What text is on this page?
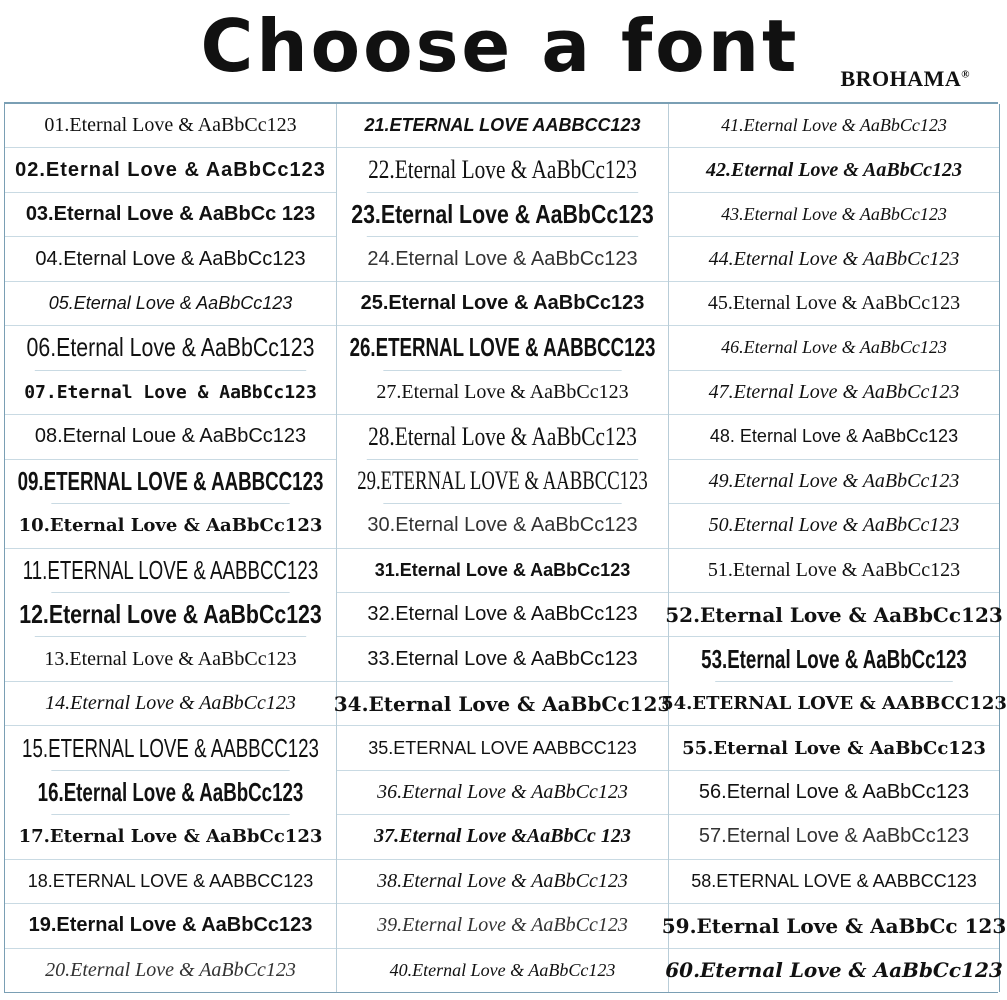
Choose a font	BROHAMA®
01.Eternal Love & AaBbCc123
02.Eternal Love & AaBbCc123
03.Eternal Love & AaBbCc 123
04.Eternal Love & AaBbCc123
05.Eternal Love & AaBbCc123
06.Eternal Love & AaBbCc123
07.Eternal Love & AaBbCc123
08.Eternal Loue & AaBbCc123
09.ETERNAL LOVE & AABBCC123
10.Eternal Love & AaBbCc123
11.ETERNAL LOVE & AABBCC123
12.Eternal Love & AaBbCc123
13.Eternal Love & AaBbCc123
14.Eternal Love & AaBbCc123
15.ETERNAL LOVE & AABBCC123
16.Eternal Love & AaBbCc123
17.Eternal Love & AaBbCc123
18.ETERNAL LOVE & AABBCC123
19.Eternal Love & AaBbCc123
20.Eternal Love & AaBbCc123
21.ETERNAL LOVE AABBCC123
22.Eternal Love & AaBbCc123
23.Eternal Love & AaBbCc123
24.Eternal Love & AaBbCc123
25.Eternal Love & AaBbCc123
26.ETERNAL LOVE & AABBCC123
27.Eternal Love & AaBbCc123
28.Eternal Love & AaBbCc123
29.ETERNAL LOVE & AABBCC123
30.Eternal Love & AaBbCc123
31.Eternal Love & AaBbCc123
32.Eternal Love & AaBbCc123
33.Eternal Love & AaBbCc123
34.Eternal Love & AaBbCc123
35.ETERNAL LOVE AABBCC123
36.Eternal Love & AaBbCc123
37.Eternal Love &AaBbCc 123
38.Eternal Love & AaBbCc123
39.Eternal Love & AaBbCc123
40.Eternal Love & AaBbCc123
41.Eternal Love & AaBbCc123
42.Eternal Love & AaBbCc123
43.Eternal Love & AaBbCc123
44.Eternal Love & AaBbCc123
45.Eternal Love & AaBbCc123
46.Eternal Love & AaBbCc123
47.Eternal Love & AaBbCc123
48. Eternal Love & AaBbCc123
49.Eternal Love & AaBbCc123
50.Eternal Love & AaBbCc123
51.Eternal Love & AaBbCc123
52.Eternal Love & AaBbCc123
53.Eternal Love & AaBbCc123
54.ETERNAL LOVE & AABBCC123
55.Eternal Love & AaBbCc123
56.Eternal Love & AaBbCc123
57.Eternal Love & AaBbCc123
58.ETERNAL LOVE & AABBCC123
59.Eternal Love & AaBbCc 123
60.Eternal Love & AaBbCc123
